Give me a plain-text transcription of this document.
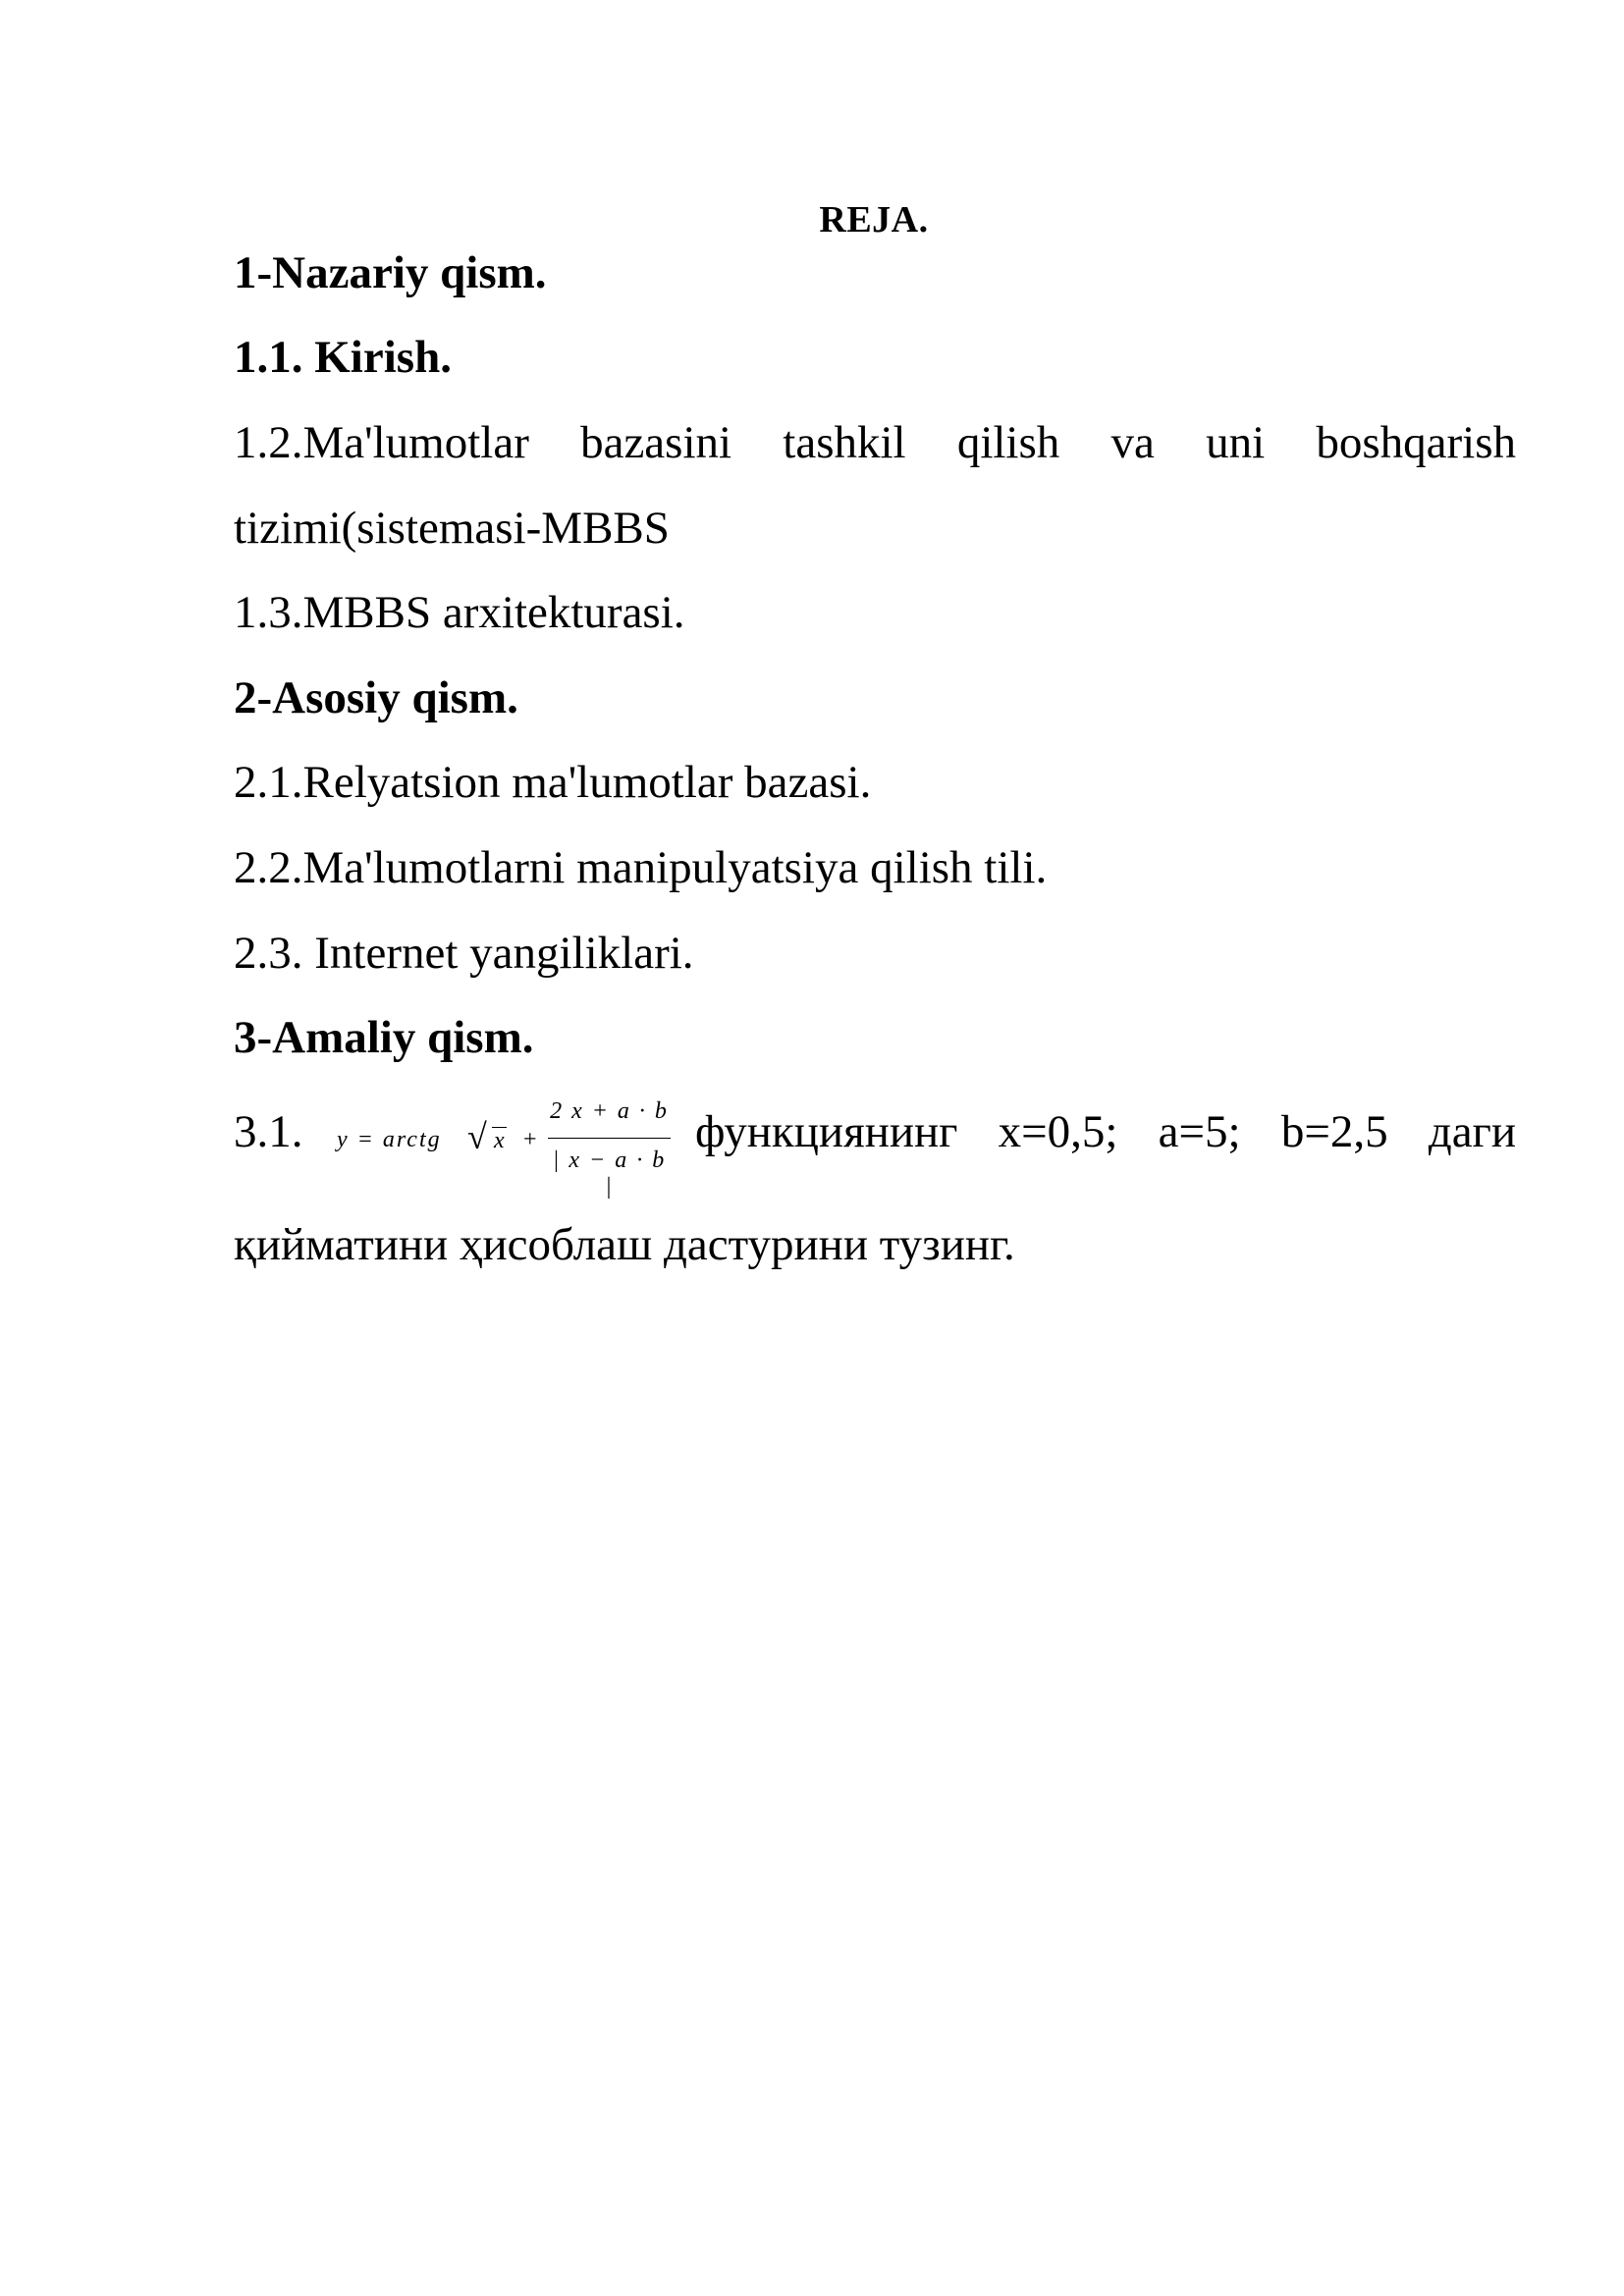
REJA.
1-Nazariy qism.
1.1. Kirish.
1.2.Ma'lumotlar bazasini tashkil qilish va uni boshqarish
tizimi(sistemasi-MBBS
1.3.MBBS arxitekturasi.
2-Asosiy qism.
2.1.Relyatsion ma'lumotlar bazasi.
2.2.Ma'lumotlarni manipulyatsiya qilish tili.
2.3. Internet yangiliklari.
3-Amaliy qism.
3.1. y = arctg √ x +
2 x + a · b
| x − a · b |
функциянинг x=0,5; a=5; b=2,5 даги
қийматини ҳисоблаш дастурини тузинг.
